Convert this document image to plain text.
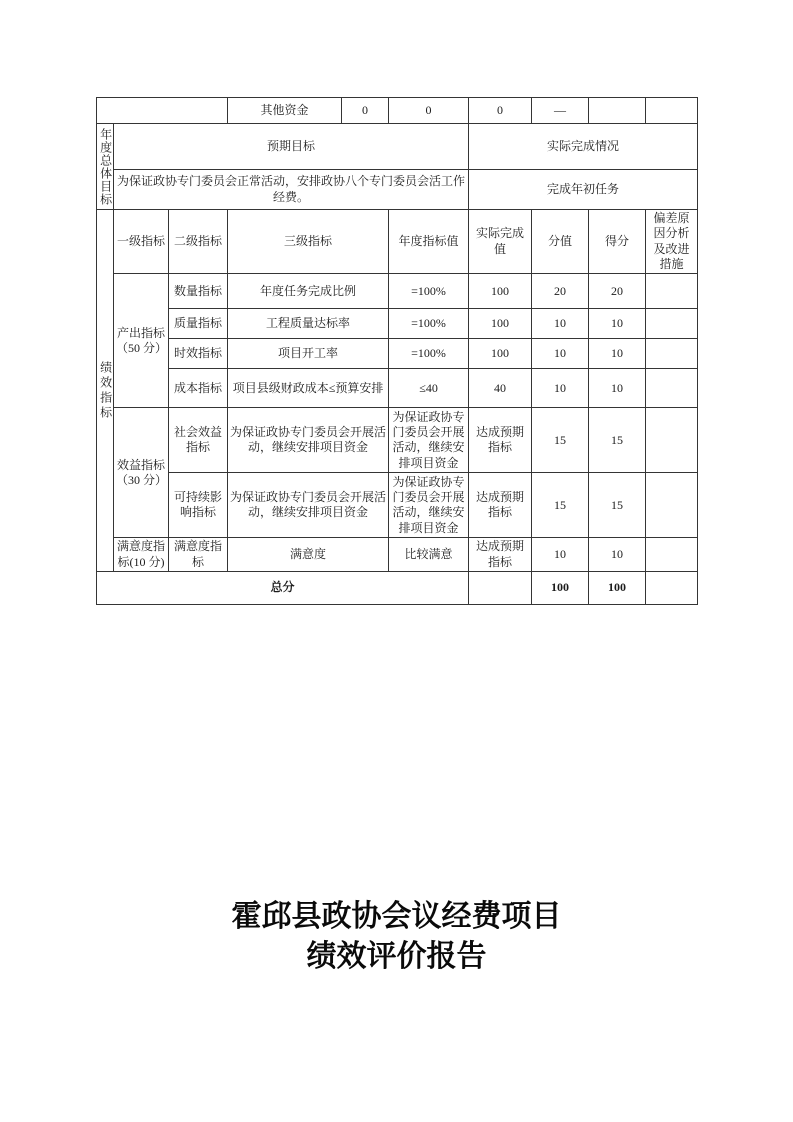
			其他资金	0	0	0	—		
年度总体目标	预期目标					实际完成情况			
	为保证政协专门委员会正常活动，安排政协八个专门委员会活工作经费。					完成年初任务			
绩效指标	一级指标	二级指标	三级指标		年度指标值	实际完成值	分值	得分	偏差原因分析及改进措施
	产出指标（50 分）	数量指标	年度任务完成比例		=100%	100	20	20	
		质量指标	工程质量达标率		=100%	100	10	10	
		时效指标	项目开工率		=100%	100	10	10	
		成本指标	项目县级财政成本≤预算安排		≤40	40	10	10	
	效益指标（30 分）	社会效益指标	为保证政协专门委员会开展活动，继续安排项目资金		为保证政协专门委员会开展活动，继续安排项目资金	达成预期指标	15	15	
		可持续影响指标	为保证政协专门委员会开展活动，继续安排项目资金		为保证政协专门委员会开展活动，继续安排项目资金	达成预期指标	15	15	
	满意度指标(10 分)	满意度指标	满意度		比较满意	达成预期指标	10	10	
总分							100	100	
霍邱县政协会议经费项目
绩效评价报告
